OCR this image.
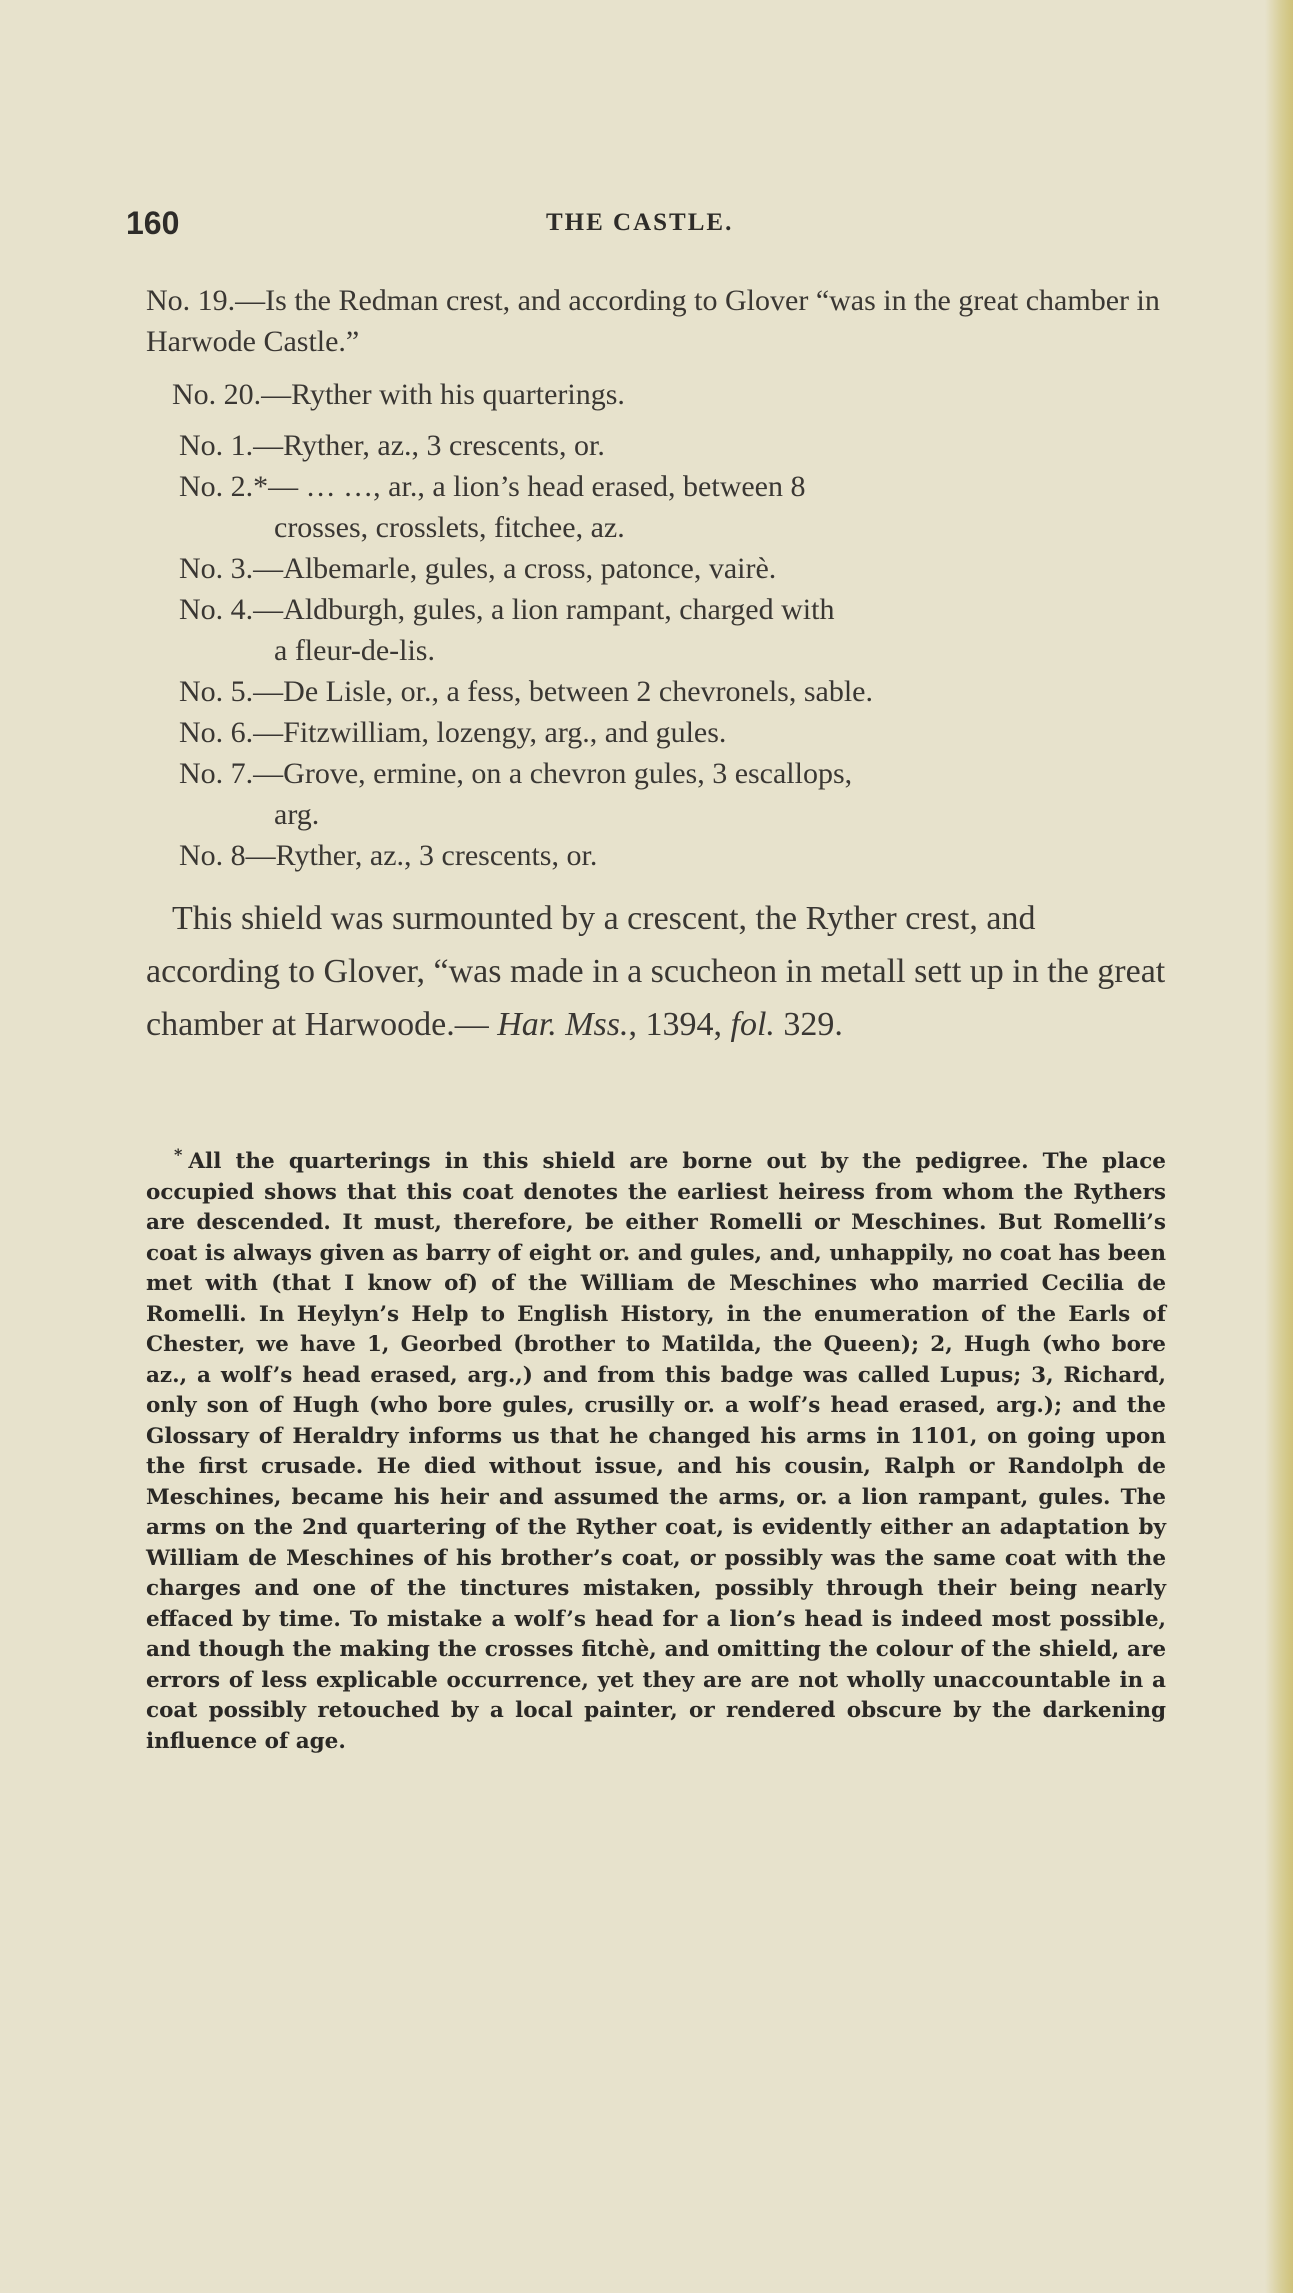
160	THE CASTLE.

No. 19.—Is the Redman crest, and according to Glover “was in the great chamber in Harwode Castle.”

No. 20.—Ryther with his quarterings.

No. 1.—Ryther, az., 3 crescents, or.
No. 2.*— … …, ar., a lion’s head erased, between 8
crosses, crosslets, fitchee, az.
No. 3.—Albemarle, gules, a cross, patonce, vairè.
No. 4.—Aldburgh, gules, a lion rampant, charged with
a fleur-de-lis.
No. 5.—De Lisle, or., a fess, between 2 chevronels, sable.
No. 6.—Fitzwilliam, lozengy, arg., and gules.
No. 7.—Grove, ermine, on a chevron gules, 3 escallops,
arg.
No. 8—Ryther, az., 3 crescents, or.

This shield was surmounted by a crescent, the Ryther crest, and according to Glover, “was made in a scucheon in metall sett up in the great chamber at Harwoode.— Har. Mss., 1394, fol. 329.

* All the quarterings in this shield are borne out by the pedigree. The place occupied shows that this coat denotes the earliest heiress from whom the Rythers are descended. It must, therefore, be either Romelli or Meschines. But Romelli’s coat is always given as barry of eight or. and gules, and, unhappily, no coat has been met with (that I know of) of the William de Meschines who married Cecilia de Romelli. In Heylyn’s Help to English History, in the enumeration of the Earls of Chester, we have 1, Georbed (brother to Matilda, the Queen); 2, Hugh (who bore az., a wolf’s head erased, arg.,) and from this badge was called Lupus; 3, Richard, only son of Hugh (who bore gules, crusilly or. a wolf’s head erased, arg.); and the Glossary of Heraldry informs us that he changed his arms in 1101, on going upon the first crusade. He died without issue, and his cousin, Ralph or Randolph de Meschines, became his heir and assumed the arms, or. a lion rampant, gules. The arms on the 2nd quartering of the Ryther coat, is evidently either an adaptation by William de Meschines of his brother’s coat, or possibly was the same coat with the charges and one of the tinctures mistaken, possibly through their being nearly effaced by time. To mistake a wolf’s head for a lion’s head is indeed most possible, and though the making the crosses fitchè, and omitting the colour of the shield, are errors of less explicable occurrence, yet they are are not wholly unaccountable in a coat possibly retouched by a local painter, or rendered obscure by the darkening influence of age.
